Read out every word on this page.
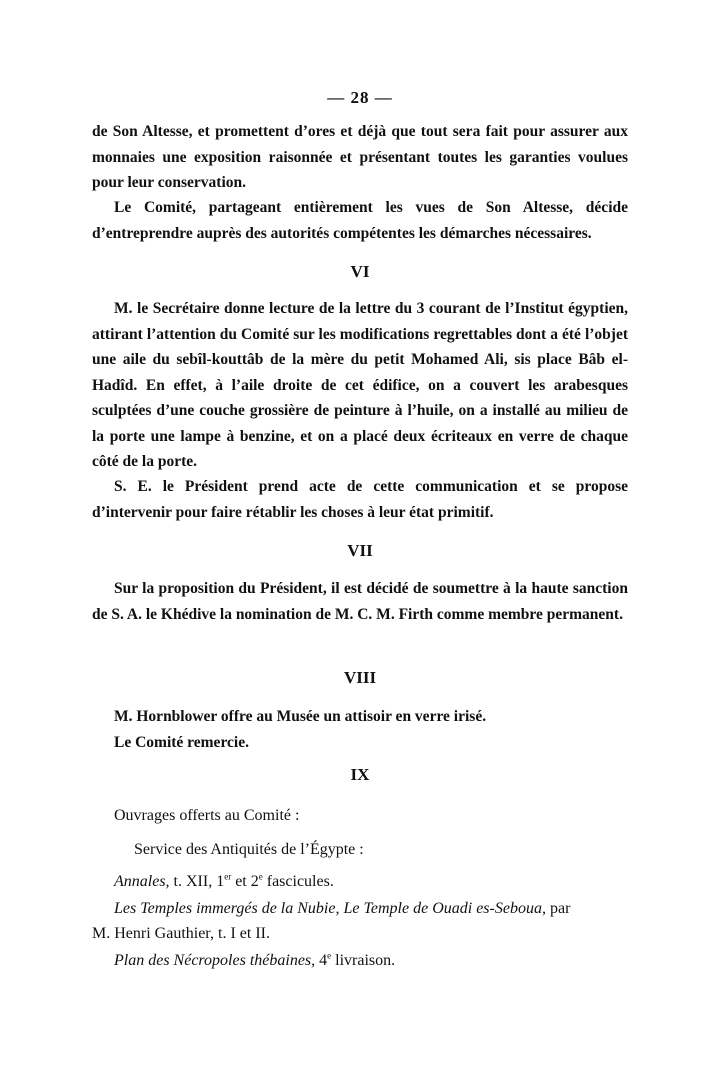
— 28 —

de Son Altesse, et promettent d’ores et déjà que tout sera fait pour assurer aux monnaies une exposition raisonnée et présentant toutes les garanties voulues pour leur conservation.

Le Comité, partageant entièrement les vues de Son Altesse, décide d’entreprendre auprès des autorités compétentes les démarches nécessaires.

VI

M. le Secrétaire donne lecture de la lettre du 3 courant de l’Institut égyptien, attirant l’attention du Comité sur les modifications regrettables dont a été l’objet une aile du sebîl-kouttâb de la mère du petit Mohamed Ali, sis place Bâb el-Hadîd. En effet, à l’aile droite de cet édifice, on a couvert les arabesques sculptées d’une couche grossière de peinture à l’huile, on a installé au milieu de la porte une lampe à benzine, et on a placé deux écriteaux en verre de chaque côté de la porte.

S. E. le Président prend acte de cette communication et se propose d’intervenir pour faire rétablir les choses à leur état primitif.

VII

Sur la proposition du Président, il est décidé de soumettre à la haute sanction de S. A. le Khédive la nomination de M. C. M. Firth comme membre permanent.

VIII

M. Hornblower offre au Musée un attisoir en verre irisé.

Le Comité remercie.

IX

Ouvrages offerts au Comité :

Service des Antiquités de l’Égypte :

Annales, t. XII, 1er et 2e fascicules.

Les Temples immergés de la Nubie, Le Temple de Ouadi es-Seboua, par

M. Henri Gauthier, t. I et II.

Plan des Nécropoles thébaines, 4e livraison.
